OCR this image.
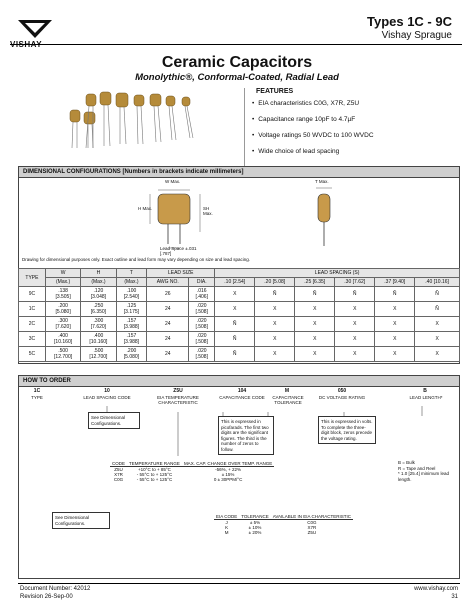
Types 1C - 9C
Vishay Sprague
Ceramic Capacitors
Monolythic®, Conformal-Coated, Radial Lead
FEATURES
• EIA characteristics C0G, X7R, Z5U
• Capacitance range 10pF to 4.7µF
• Voltage ratings 50 WVDC to 100 WVDC
• Wide choice of lead spacing
DIMENSIONAL CONFIGURATIONS [Numbers in brackets indicate millimeters]
W Max.
H Max.	SH Max.
Lead Space ±.031 [.787]
T Max.
Drawing for dimensional purposes only. Exact outline and lead form may vary depending on size and lead spacing.
TYPE	W	H	T	LEAD SIZE		LEAD SPACING (S)					
	(Max.)	(Max.)	(Max.)	AWG NO.	DIA.	.10 [2.54]	.20 [5.08]	.25 [6.35]	.30 [7.62]	.37 [9.40]	.40 [10.16]
9C	.138
[3.505]	.120
[3.048]	.100
[2.540]	26	.016
[.406]	X	Ñ	Ñ	Ñ	Ñ	Ñ
1C	.200
[5.080]	.250
[6.350]	.125
[3.175]	24	.020
[.508]	X	X	X	X	X	Ñ
2C	.300
[7.620]	.300
[7.620]	.157
[3.988]	24	.020
[.508]	Ñ	X	X	X	X	X
3C	.400
[10.160]	.400
[10.160]	.157
[3.988]	24	.020
[.508]	Ñ	X	X	X	X	X
5C	.500
[12.700]	.500
[12.700]	.200
[5.080]	24	.020
[.508]	Ñ	X	X	X	X	X
HOW TO ORDER
1C	10	Z5U	104	M	050	B
TYPE	LEAD SPACING CODE	EIA TEMPERATURE CHARACTERISTIC
CAPACITANCE CODE	CAPACITANCE TOLERANCE
DC VOLTAGE RATING	LEAD LENGTH*
See Dimensional Configurations.
See Dimensional Configurations.
This is expressed in picofarads. The first two digits are the significant figures. The third is the number of zeros to follow.
This is expressed in volts. To complete the three-digit block, zeros precede the voltage rating.
B = Bulk
R = Tape and Reel
* 1.0 [25.4] minimum lead length.
CODE	TEMPERATURE RANGE	MAX. CAP. CHANGE OVER TEMP. RANGE
Z5U	+10°C to + 85°C	-56%, + 22%
X7R	- 55°C to + 125°C	± 15%
C0G	- 55°C to + 125°C	0 ± 30PPM/°C
EIA CODE	TOLERANCE	AVAILABLE IN EIA CHARACTERISTIC
J	± 5%	C0G
K	± 10%	X7R
M	± 20%	Z5U
Document Number: 42012
Revision 26-Sep-00
www.vishay.com
31
